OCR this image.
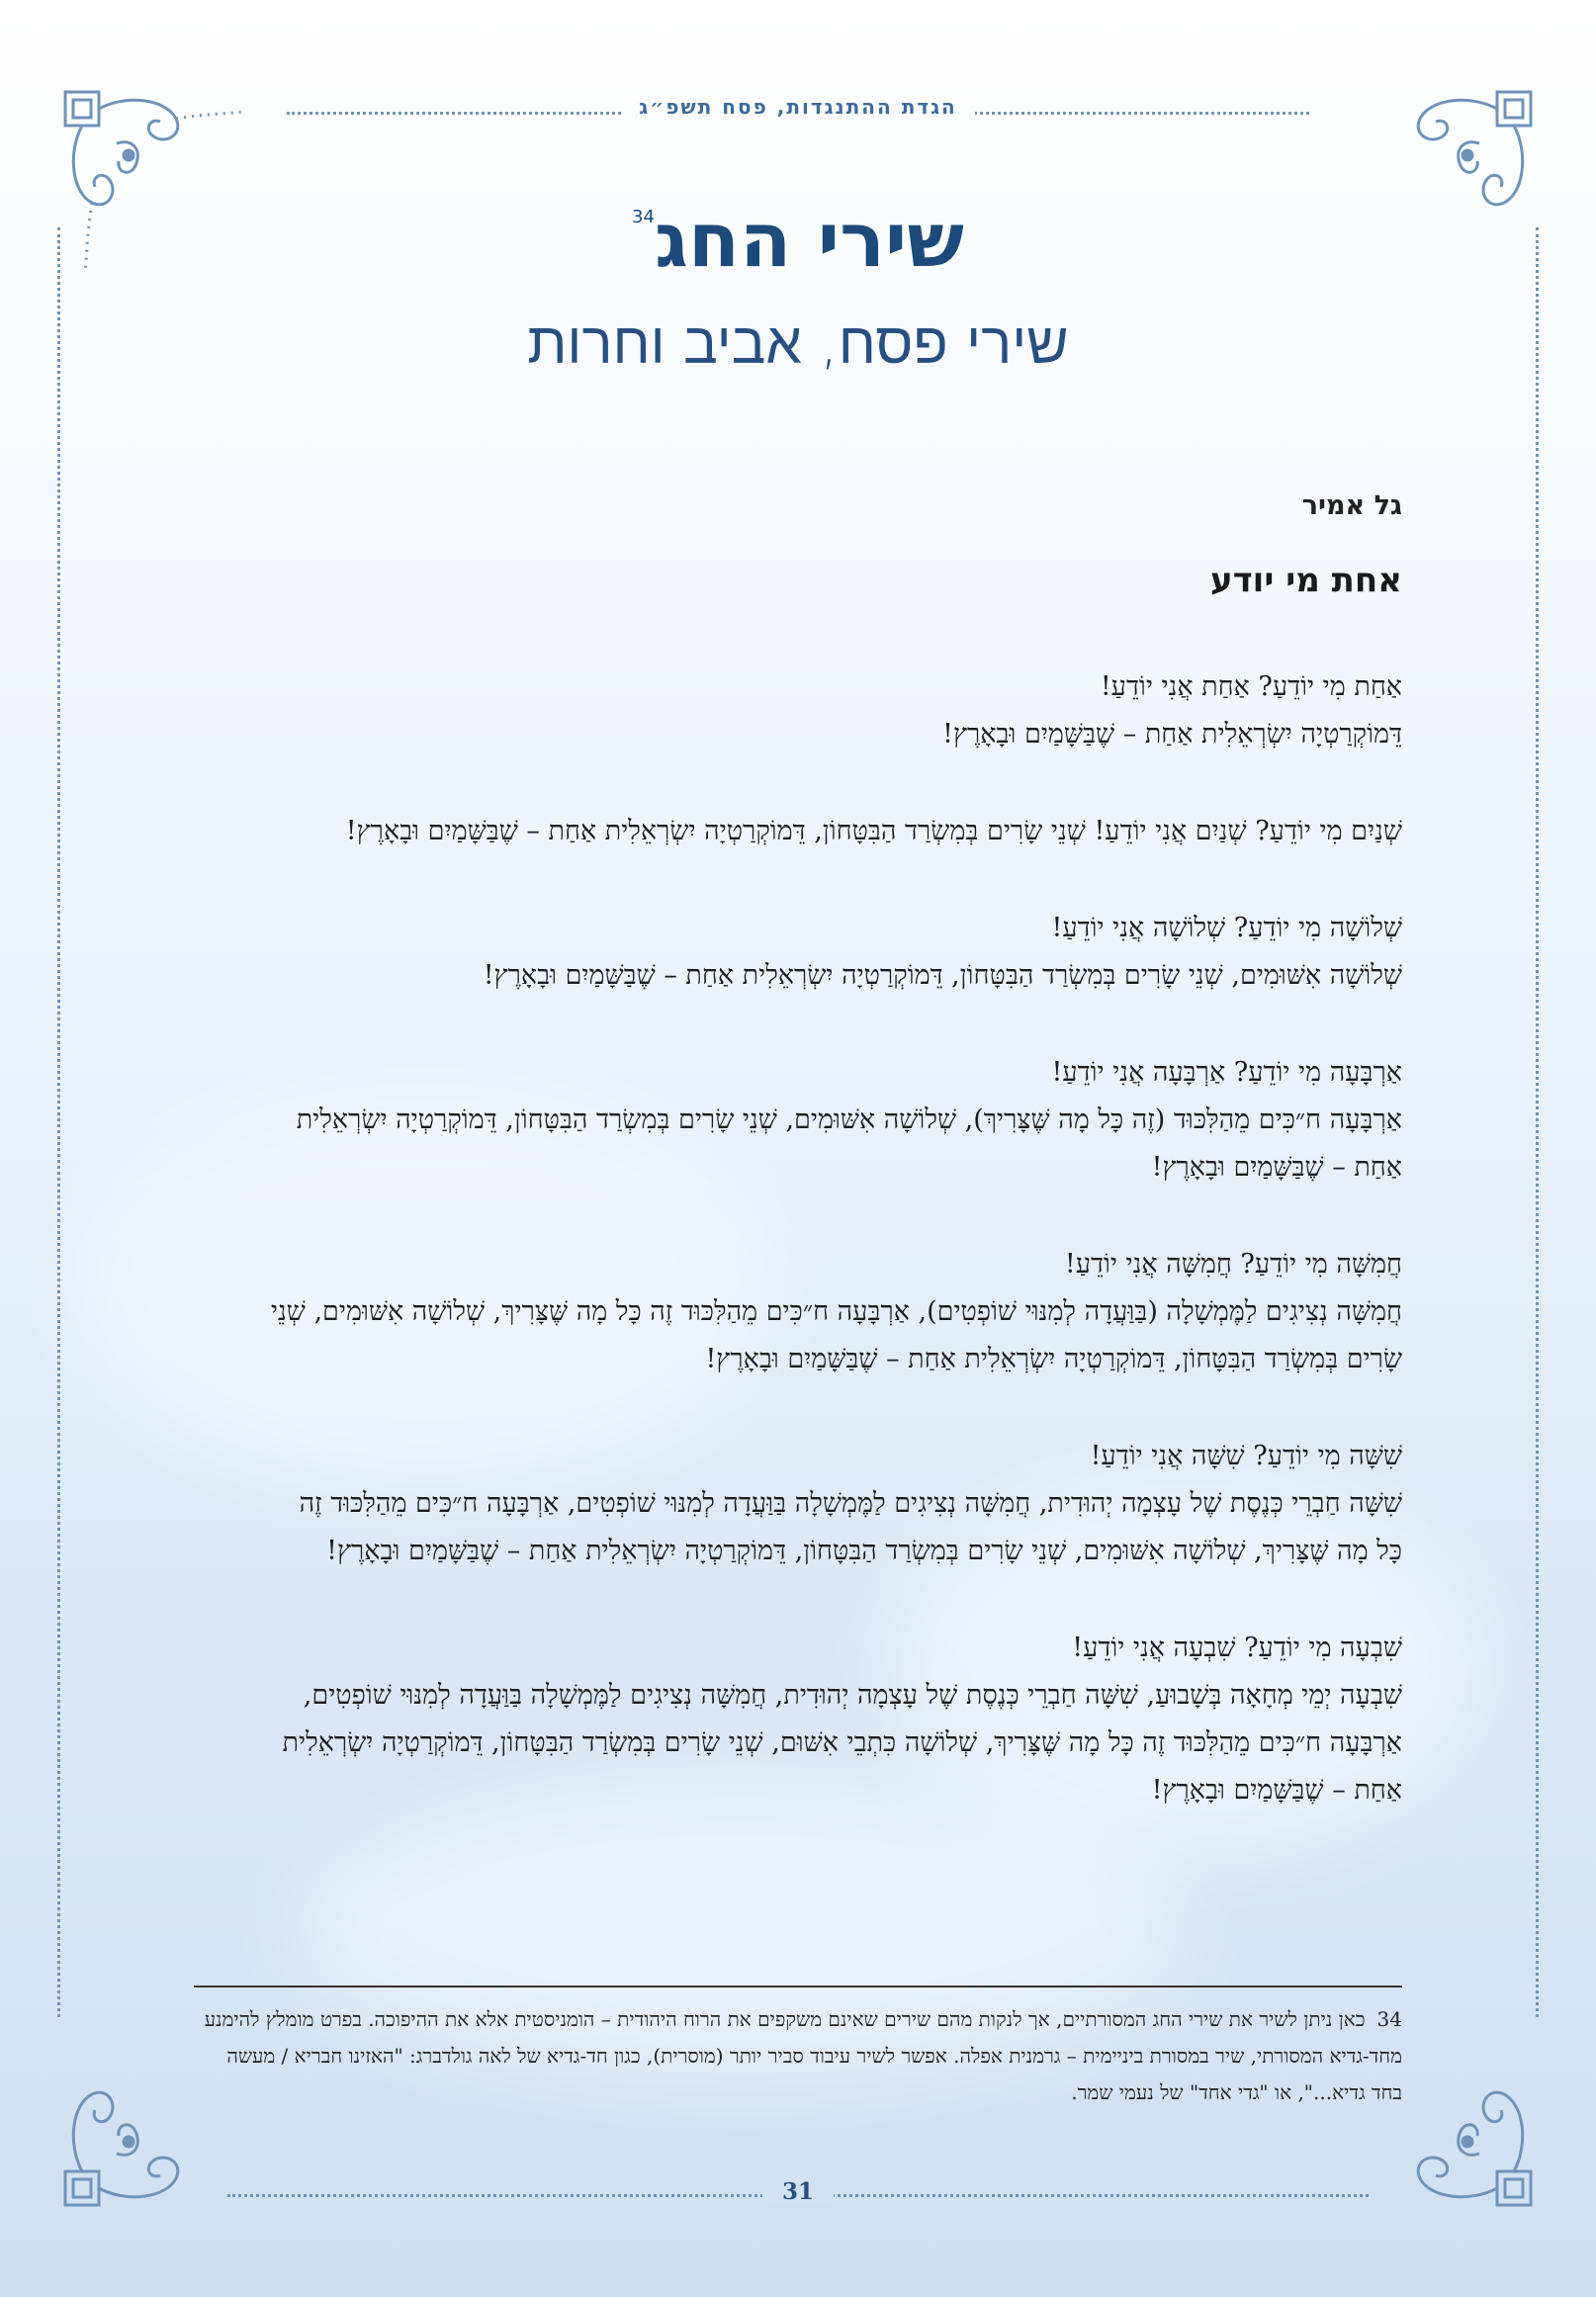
הגדת ההתנגדות, פסח תשפ״ג
שירי החג$^{34}$
שירי פסח, אביב וחרות

גל אמיר

אחת מי יודע

אַחַת מִי יוֹדֵעַ? אַחַת אֲנִי יוֹדֵעַ!

דֵּמוֹקְרַטְיָה יִשְׂרְאֵלִית אַחַת – שֶׁבַּשָּׁמַיִם וּבָאָרֶץ!

שְׁנַיִם מִי יוֹדֵעַ? שְׁנַיִם אֲנִי יוֹדֵעַ! שְׁנֵי שָׂרִים בְּמִשְׂרַד הַבִּטָּחוֹן, דֵּמוֹקְרַטְיָה יִשְׂרְאֵלִית אַחַת – שֶׁבַּשָּׁמַיִם וּבָאָרֶץ!

שְׁלוֹשָׁה מִי יוֹדֵעַ? שְׁלוֹשָׁה אֲנִי יוֹדֵעַ!

שְׁלוֹשָׁה אִשּׁוּמִים, שְׁנֵי שָׂרִים בְּמִשְׂרַד הַבִּטָּחוֹן, דֵּמוֹקְרַטְיָה יִשְׂרְאֵלִית אַחַת – שֶׁבַּשָּׁמַיִם וּבָאָרֶץ!

אַרְבָּעָה מִי יוֹדֵעַ? אַרְבָּעָה אֲנִי יוֹדֵעַ!

אַרְבָּעָה ח״כִּים מֵהַלִּכּוּד (זֶה כָּל מָה שֶּׁצָּרִיךְ), שְׁלוֹשָׁה אִשּׁוּמִים, שְׁנֵי שָׂרִים בְּמִשְׂרַד הַבִּטָּחוֹן, דֵּמוֹקְרַטְיָה יִשְׂרְאֵלִית

אַחַת – שֶׁבַּשָּׁמַיִם וּבָאָרֶץ!

חֲמִשָּׁה מִי יוֹדֵעַ? חֲמִשָּׁה אֲנִי יוֹדֵעַ!

חֲמִשָּׁה נְצִיגִים לַמֶּמְשָׁלָה (בַּוַּעֲדָה לְמִנּוּי שׁוֹפְטִים), אַרְבָּעָה ח״כִּים מֵהַלִּכּוּד זֶה כָּל מָה שֶּׁצָּרִיךְ, שְׁלוֹשָׁה אִשּׁוּמִים, שְׁנֵי

שָׂרִים בְּמִשְׂרַד הַבִּטָּחוֹן, דֵּמוֹקְרַטְיָה יִשְׂרְאֵלִית אַחַת – שֶׁבַּשָּׁמַיִם וּבָאָרֶץ!

שִׁשָּׁה מִי יוֹדֵעַ? שִׁשָּׁה אֲנִי יוֹדֵעַ!

שִׁשָּׁה חַבְרֵי כְּנֶסֶת שֶׁל עָצְמָה יְהוּדִית, חֲמִשָּׁה נְצִיגִים לַמֶּמְשָׁלָה בַּוַּעֲדָה לְמִנּוּי שׁוֹפְטִים, אַרְבָּעָה ח״כִּים מֵהַלִּכּוּד זֶה

כָּל מָה שֶּׁצָּרִיךְ, שְׁלוֹשָׁה אִשּׁוּמִים, שְׁנֵי שָׂרִים בְּמִשְׂרַד הַבִּטָּחוֹן, דֵּמוֹקְרַטְיָה יִשְׂרְאֵלִית אַחַת – שֶׁבַּשָּׁמַיִם וּבָאָרֶץ!

שִׁבְעָה מִי יוֹדֵעַ? שִׁבְעָה אֲנִי יוֹדֵעַ!

שִׁבְעָה יְמֵי מְחָאָה בְּשָׁבוּעַ, שִׁשָּׁה חַבְרֵי כְּנֶסֶת שֶׁל עָצְמָה יְהוּדִית, חֲמִשָּׁה נְצִיגִים לַמֶּמְשָׁלָה בַּוַּעֲדָה לְמִנּוּי שׁוֹפְטִים,

אַרְבָּעָה ח״כִּים מֵהַלִּכּוּד זֶה כָּל מָה שֶּׁצָּרִיךְ, שְׁלוֹשָׁה כִּתְבֵי אִשּׁוּם, שְׁנֵי שָׂרִים בְּמִשְׂרַד הַבִּטָּחוֹן, דֵּמוֹקְרַטְיָה יִשְׂרְאֵלִית

אַחַת – שֶׁבַּשָּׁמַיִם וּבָאָרֶץ!

34כאן ניתן לשיר את שירי החג המסורתיים, אך לנקות מהם שירים שאינם משקפים את הרוח היהודית – הומניסטית אלא את ההיפוכה. בפרט מומלץ להימנע מחד-גדיא המסורתי, שיר במסורת ביניימית – גרמנית אפלה. אפשר לשיר עיבוד סביר יותר (מוסרית), כגון חד-גדיא של לאה גולדברג: "האזינו חבריא / מעשה בחד גדיא...", או "גדי אחד" של נעמי שמר.
31
